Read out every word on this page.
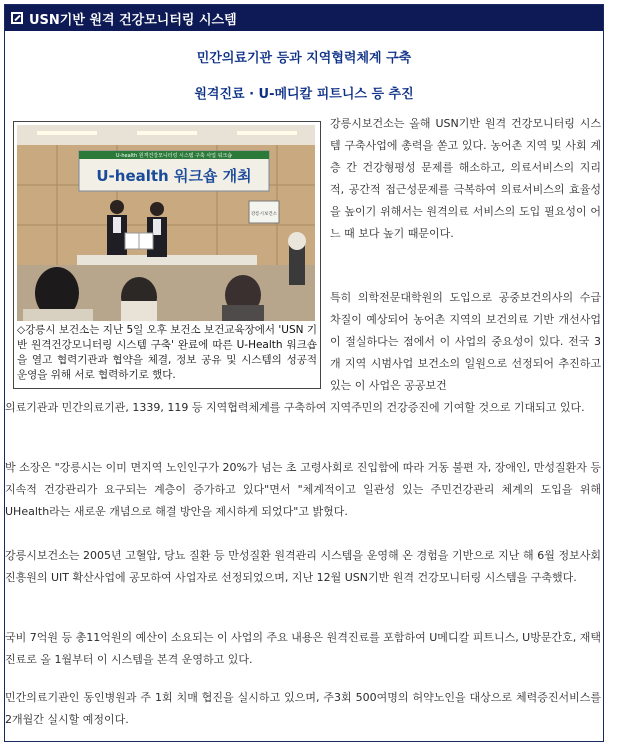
USN기반 원격 건강모니터링 시스템
민간의료기관 등과 지역협력체계 구축
원격진료 · U-메디칼 피트니스 등 추진
U-health 원격건강모니터링 시스템 구축 사업 워크숍
U-health 워크숍 개최
강릉시보건소
◇강릉시 보건소는 지난 5일 오후 보건소 보건교육장에서 'USN 기반 원격건강모니터링 시스템 구축' 완료에 따른 U-Health 워크숍을 열고 협력기관과 협약을 체결, 정보 공유 및 시스템의 성공적 운영을 위해 서로 협력하기로 했다.

강릉시보건소는 올해 USN기반 원격 건강모니터링 시스템 구축사업에 총력을 쏟고 있다. 농어촌 지역 및 사회 계층 간 건강형평성 문제를 해소하고, 의료서비스의 지리적, 공간적 접근성문제를 극복하여 의료서비스의 효율성을 높이기 위해서는 원격의료 서비스의 도입 필요성이 어느 때 보다 높기 때문이다.

특히 의학전문대학원의 도입으로 공중보건의사의 수급 차질이 예상되어 농어촌 지역의 보건의료 기반 개선사업이 절실하다는 점에서 이 사업의 중요성이 있다. 전국 3개 지역 시범사업 보건소의 일원으로 선정되어 추진하고 있는 이 사업은 공공보건

의료기관과 민간의료기관, 1339, 119 등 지역협력체계를 구축하여 지역주민의 건강증진에 기여할 것으로 기대되고 있다.

박 소장은 "강릉시는 이미 면지역 노인인구가 20%가 넘는 초 고령사회로 진입함에 따라 거동 불편 자, 장애인, 만성질환자 등 지속적 건강관리가 요구되는 계층이 증가하고 있다"면서 "체계적이고 일관성 있는 주민건강관리 체계의 도입을 위해 UHealth라는 새로운 개념으로 해결 방안을 제시하게 되었다"고 밝혔다.

강릉시보건소는 2005년 고혈압, 당뇨 질환 등 만성질환 원격관리 시스템을 운영해 온 경험을 기반으로 지난 해 6월 정보사회진흥원의 UIT 확산사업에 공모하여 사업자로 선정되었으며, 지난 12월 USN기반 원격 건강모니터링 시스템을 구축했다.

국비 7억원 등 총11억원의 예산이 소요되는 이 사업의 주요 내용은 원격진료를 포함하여 U메디칼 피트니스, U방문간호, 재택진료로 올 1월부터 이 시스템을 본격 운영하고 있다.

민간의료기관인 동인병원과 주 1회 치매 협진을 실시하고 있으며, 주3회 500여명의 허약노인을 대상으로 체력증진서비스를 2개월간 실시할 예정이다.
